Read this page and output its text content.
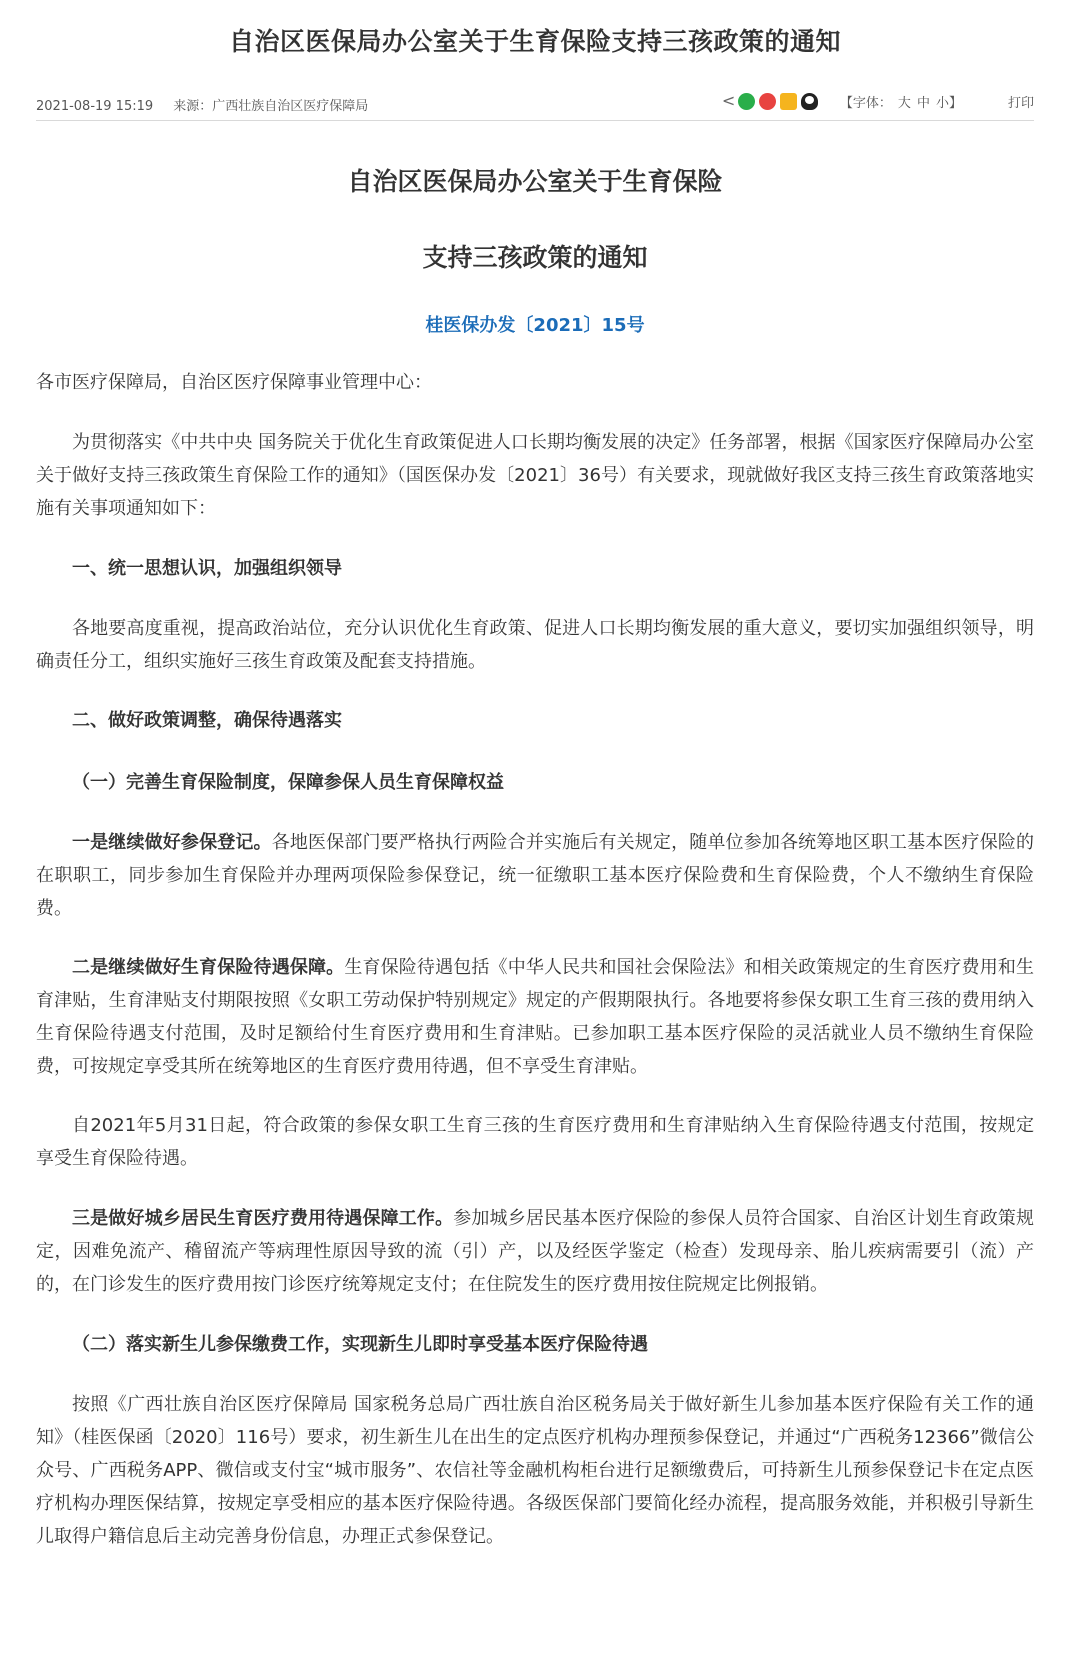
自治区医保局办公室关于生育保险支持三孩政策的通知
2021-08-19 15:19 来源：广西壮族自治区医疗保障局
<	【字体： 大 中 小】	打印
自治区医保局办公室关于生育保险
支持三孩政策的通知

桂医保办发〔2021〕15号

各市医疗保障局，自治区医疗保障事业管理中心：

为贯彻落实《中共中央 国务院关于优化生育政策促进人口长期均衡发展的决定》任务部署，根据《国家医疗保障局办公室关于做好支持三孩政策生育保险工作的通知》（国医保办发〔2021〕36号）有关要求，现就做好我区支持三孩生育政策落地实施有关事项通知如下：

一、统一思想认识，加强组织领导

各地要高度重视，提高政治站位，充分认识优化生育政策、促进人口长期均衡发展的重大意义，要切实加强组织领导，明确责任分工，组织实施好三孩生育政策及配套支持措施。

二、做好政策调整，确保待遇落实

（一）完善生育保险制度，保障参保人员生育保障权益

一是继续做好参保登记。各地医保部门要严格执行两险合并实施后有关规定，随单位参加各统筹地区职工基本医疗保险的在职职工，同步参加生育保险并办理两项保险参保登记，统一征缴职工基本医疗保险费和生育保险费，个人不缴纳生育保险费。

二是继续做好生育保险待遇保障。生育保险待遇包括《中华人民共和国社会保险法》和相关政策规定的生育医疗费用和生育津贴，生育津贴支付期限按照《女职工劳动保护特别规定》规定的产假期限执行。各地要将参保女职工生育三孩的费用纳入生育保险待遇支付范围，及时足额给付生育医疗费用和生育津贴。已参加职工基本医疗保险的灵活就业人员不缴纳生育保险费，可按规定享受其所在统筹地区的生育医疗费用待遇，但不享受生育津贴。

自2021年5月31日起，符合政策的参保女职工生育三孩的生育医疗费用和生育津贴纳入生育保险待遇支付范围，按规定享受生育保险待遇。

三是做好城乡居民生育医疗费用待遇保障工作。参加城乡居民基本医疗保险的参保人员符合国家、自治区计划生育政策规定，因难免流产、稽留流产等病理性原因导致的流（引）产，以及经医学鉴定（检查）发现母亲、胎儿疾病需要引（流）产的，在门诊发生的医疗费用按门诊医疗统筹规定支付；在住院发生的医疗费用按住院规定比例报销。

（二）落实新生儿参保缴费工作，实现新生儿即时享受基本医疗保险待遇

按照《广西壮族自治区医疗保障局 国家税务总局广西壮族自治区税务局关于做好新生儿参加基本医疗保险有关工作的通知》（桂医保函〔2020〕116号）要求，初生新生儿在出生的定点医疗机构办理预参保登记，并通过“广西税务12366”微信公众号、广西税务APP、微信或支付宝“城市服务”、农信社等金融机构柜台进行足额缴费后，可持新生儿预参保登记卡在定点医疗机构办理医保结算，按规定享受相应的基本医疗保险待遇。各级医保部门要简化经办流程，提高服务效能，并积极引导新生儿取得户籍信息后主动完善身份信息，办理正式参保登记。
